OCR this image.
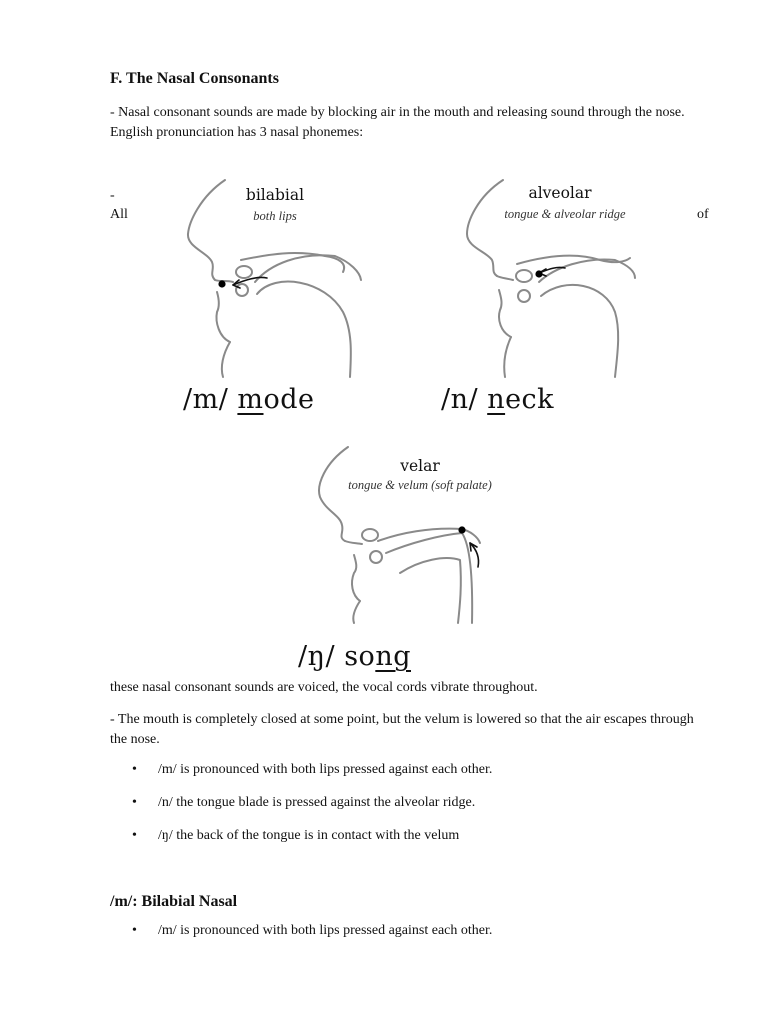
F. The Nasal Consonants
- Nasal consonant sounds are made by blocking air in the mouth and releasing sound through the nose. English pronunciation has 3 nasal phonemes:
-
All	of
bilabial
both lips
/m/ mode
alveolar
tongue & alveolar ridge
/n/ neck
velar
tongue & velum (soft palate)
/ŋ/ song
these nasal consonant sounds are voiced, the vocal cords vibrate throughout.
- The mouth is completely closed at some point, but the velum is lowered so that the air escapes through the nose.
•	/m/ is pronounced with both lips pressed against each other.
•	/n/ the tongue blade is pressed against the alveolar ridge.
•	/ŋ/ the back of the tongue is in contact with the velum
/m/: Bilabial Nasal
•	/m/ is pronounced with both lips pressed against each other.
